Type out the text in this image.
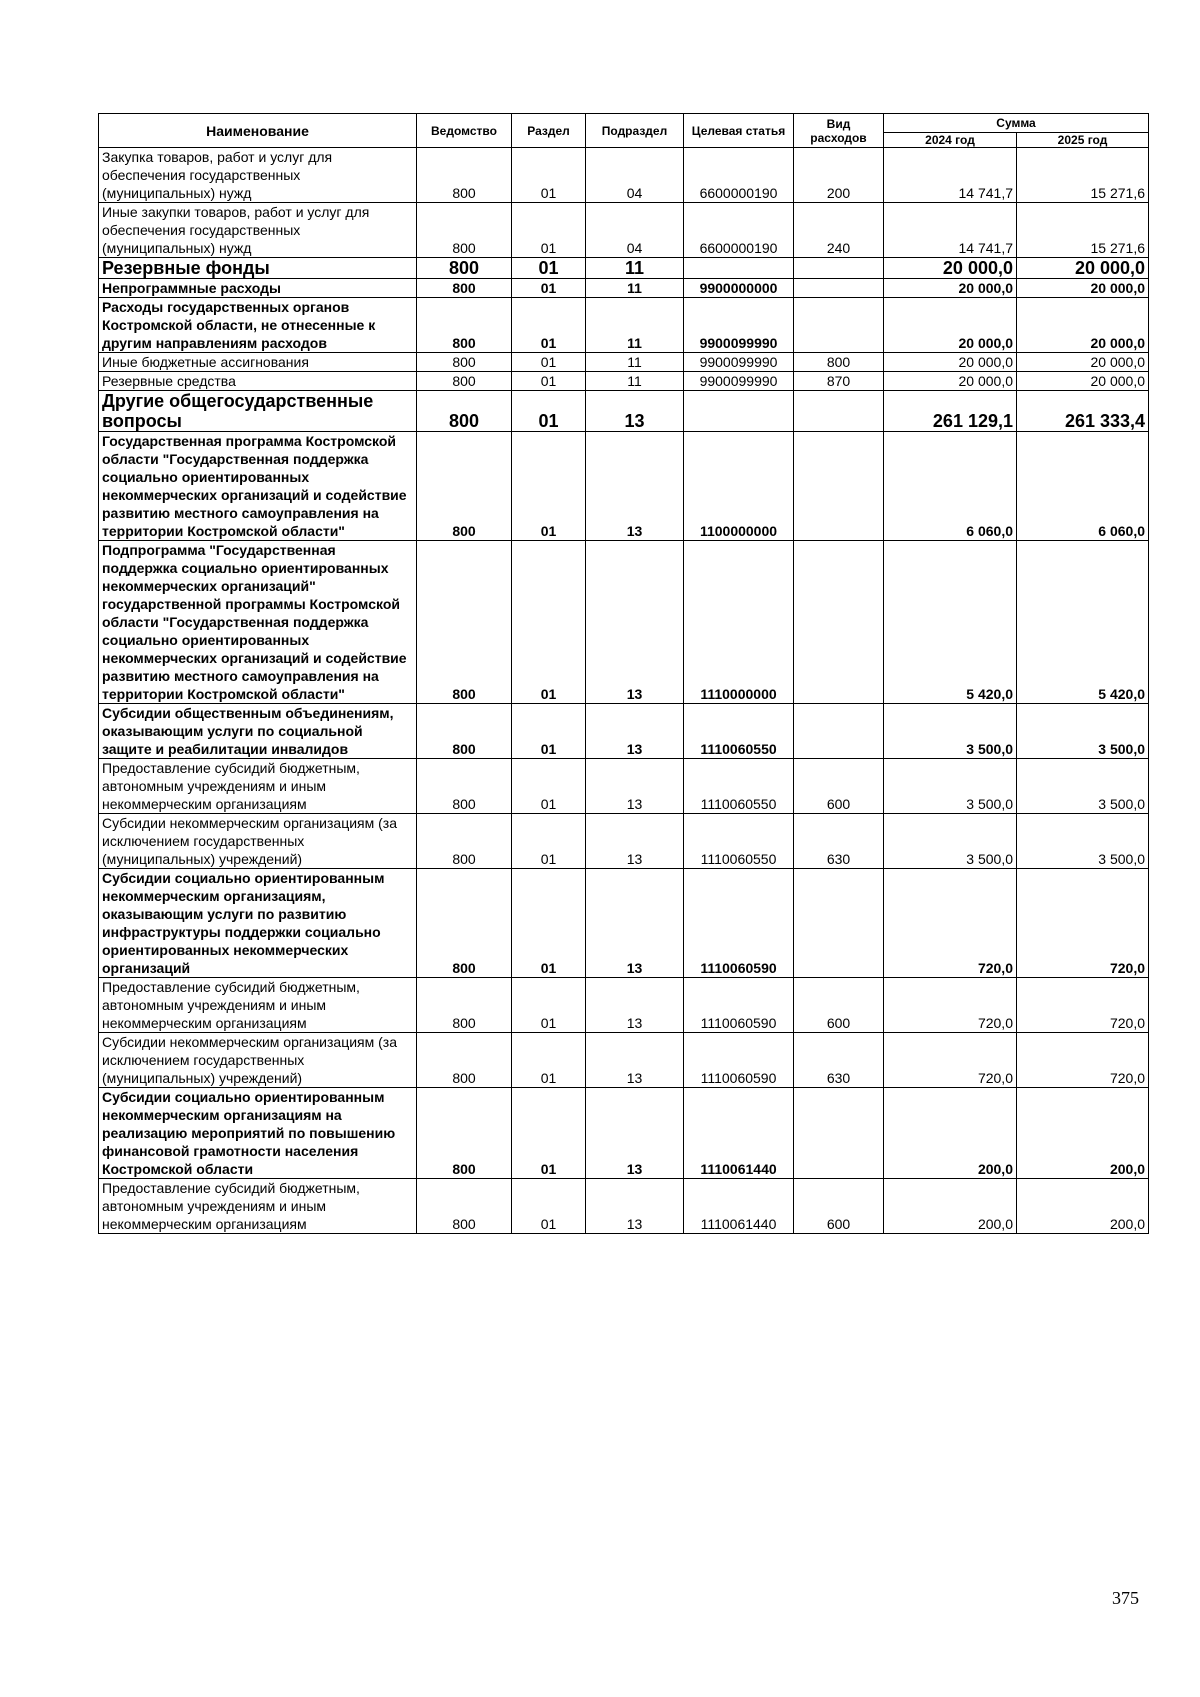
Наименование	Ведомство	Раздел	Подраздел	Целевая статья	Вид расходов	Сумма	
						2024 год	2025 год
Закупка товаров, работ и услуг для обеспечения государственных (муниципальных) нужд	800	01	04	6600000190	200	14 741,7	15 271,6
Иные закупки товаров, работ и услуг для обеспечения государственных (муниципальных) нужд	800	01	04	6600000190	240	14 741,7	15 271,6
Резервные фонды	800	01	11			20 000,0	20 000,0
Непрограммные расходы	800	01	11	9900000000		20 000,0	20 000,0
Расходы государственных органов Костромской области, не отнесенные к другим направлениям расходов	800	01	11	9900099990		20 000,0	20 000,0
Иные бюджетные ассигнования	800	01	11	9900099990	800	20 000,0	20 000,0
Резервные средства	800	01	11	9900099990	870	20 000,0	20 000,0
Другие общегосударственные вопросы	800	01	13			261 129,1	261 333,4
Государственная программа Костромской области "Государственная поддержка социально ориентированных некоммерческих организаций и содействие развитию местного самоуправления на территории Костромской области"	800	01	13	1100000000		6 060,0	6 060,0
Подпрограмма "Государственная поддержка социально ориентированных некоммерческих организаций" государственной программы Костромской области "Государственная поддержка социально ориентированных некоммерческих организаций и содействие развитию местного самоуправления на территории Костромской области"	800	01	13	1110000000		5 420,0	5 420,0
Субсидии общественным объединениям, оказывающим услуги по социальной защите и реабилитации инвалидов	800	01	13	1110060550		3 500,0	3 500,0
Предоставление субсидий бюджетным, автономным учреждениям и иным некоммерческим организациям	800	01	13	1110060550	600	3 500,0	3 500,0
Субсидии некоммерческим организациям (за исключением государственных (муниципальных) учреждений)	800	01	13	1110060550	630	3 500,0	3 500,0
Субсидии социально ориентированным некоммерческим организациям, оказывающим услуги по развитию инфраструктуры поддержки социально ориентированных некоммерческих организаций	800	01	13	1110060590		720,0	720,0
Предоставление субсидий бюджетным, автономным учреждениям и иным некоммерческим организациям	800	01	13	1110060590	600	720,0	720,0
Субсидии некоммерческим организациям (за исключением государственных (муниципальных) учреждений)	800	01	13	1110060590	630	720,0	720,0
Субсидии социально ориентированным некоммерческим организациям на реализацию мероприятий по повышению финансовой грамотности населения Костромской области	800	01	13	1110061440		200,0	200,0
Предоставление субсидий бюджетным, автономным учреждениям и иным некоммерческим организациям	800	01	13	1110061440	600	200,0	200,0
375
